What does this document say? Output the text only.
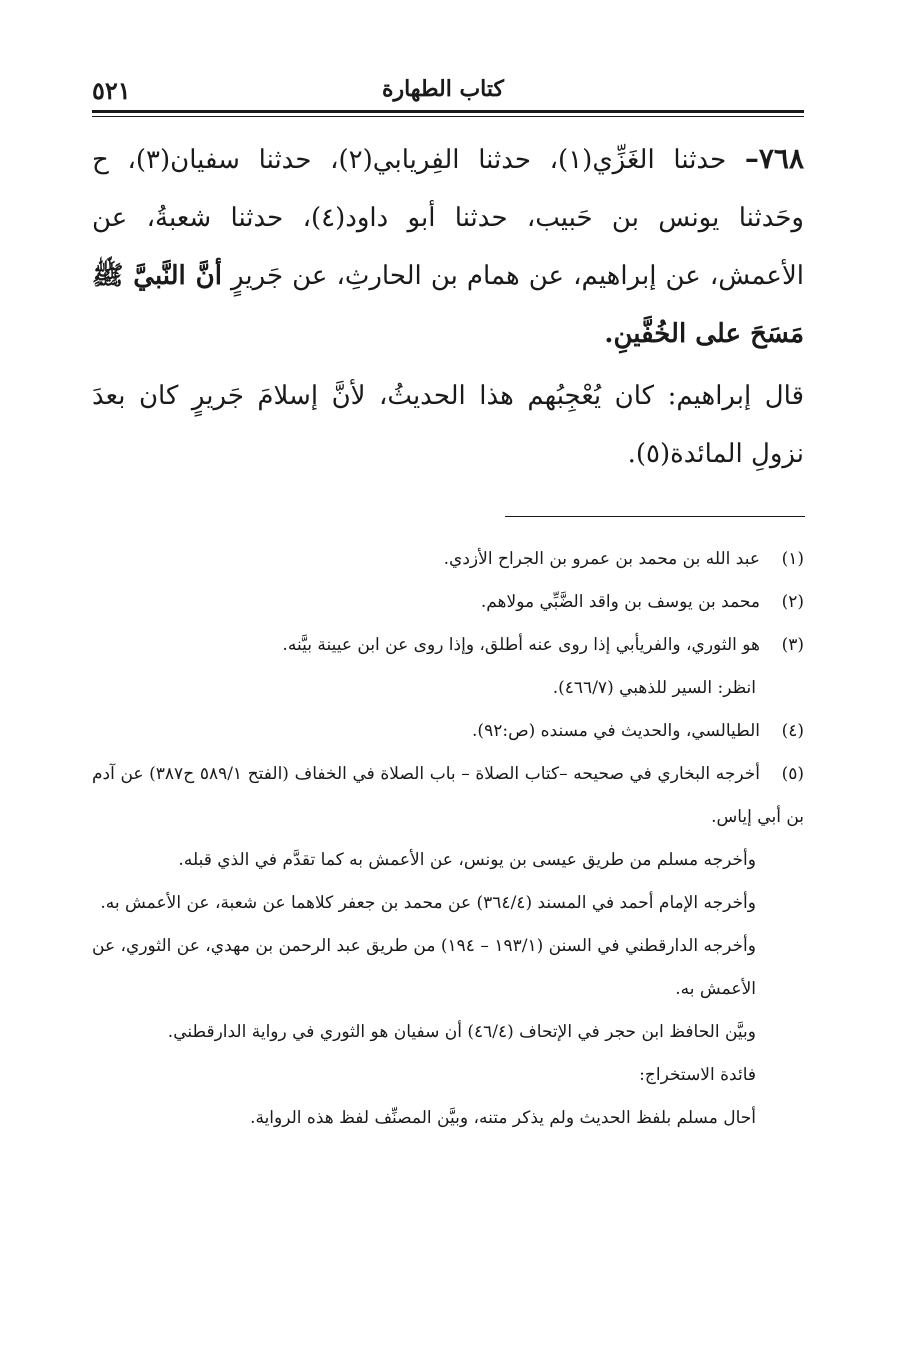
كتاب الطهارة
٥٢١

٧٦٨– حدثنا الغَزِّي(١)، حدثنا الفِريابي(٢)، حدثنا سفيان(٣)، ح وحَدثنا يونس بن حَبيب، حدثنا أبو داود(٤)، حدثنا شعبةُ، عن الأعمش، عن إبراهيم، عن همام بن الحارثِ، عن جَريرٍ أنَّ النَّبيَّ ﷺ مَسَحَ على الخُفَّينِ.

قال إبراهيم: كان يُعْجِبُهم هذا الحديثُ، لأنَّ إسلامَ جَريرٍ كان بعدَ نزولِ المائدة(٥).

(١)عبد الله بن محمد بن عمرو بن الجراح الأزدي.
(٢)محمد بن يوسف بن واقد الضَّبِّي مولاهم.
(٣)هو الثوري، والفريأبي إذا روى عنه أطلق، وإذا روى عن ابن عيينة بيَّنه.
انظر: السير للذهبي (٤٦٦/٧).
(٤)الطيالسي، والحديث في مسنده (ص:٩٢).
(٥)أخرجه البخاري في صحيحه –كتاب الصلاة – باب الصلاة في الخفاف (الفتح ٥٨٩/١ ح٣٨٧) عن آدم بن أبي إياس.
وأخرجه مسلم من طريق عيسى بن يونس، عن الأعمش به كما تقدَّم في الذي قبله.
وأخرجه الإمام أحمد في المسند (٣٦٤/٤) عن محمد بن جعفر كلاهما عن شعبة، عن الأعمش به.
وأخرجه الدارقطني في السنن (١٩٣/١ – ١٩٤) من طريق عبد الرحمن بن مهدي، عن الثوري، عن الأعمش به.
وبيَّن الحافظ ابن حجر في الإتحاف (٤٦/٤) أن سفيان هو الثوري في رواية الدارقطني.
فائدة الاستخراج:
أحال مسلم بلفظ الحديث ولم يذكر متنه، وبيَّن المصنِّف لفظ هذه الرواية.
